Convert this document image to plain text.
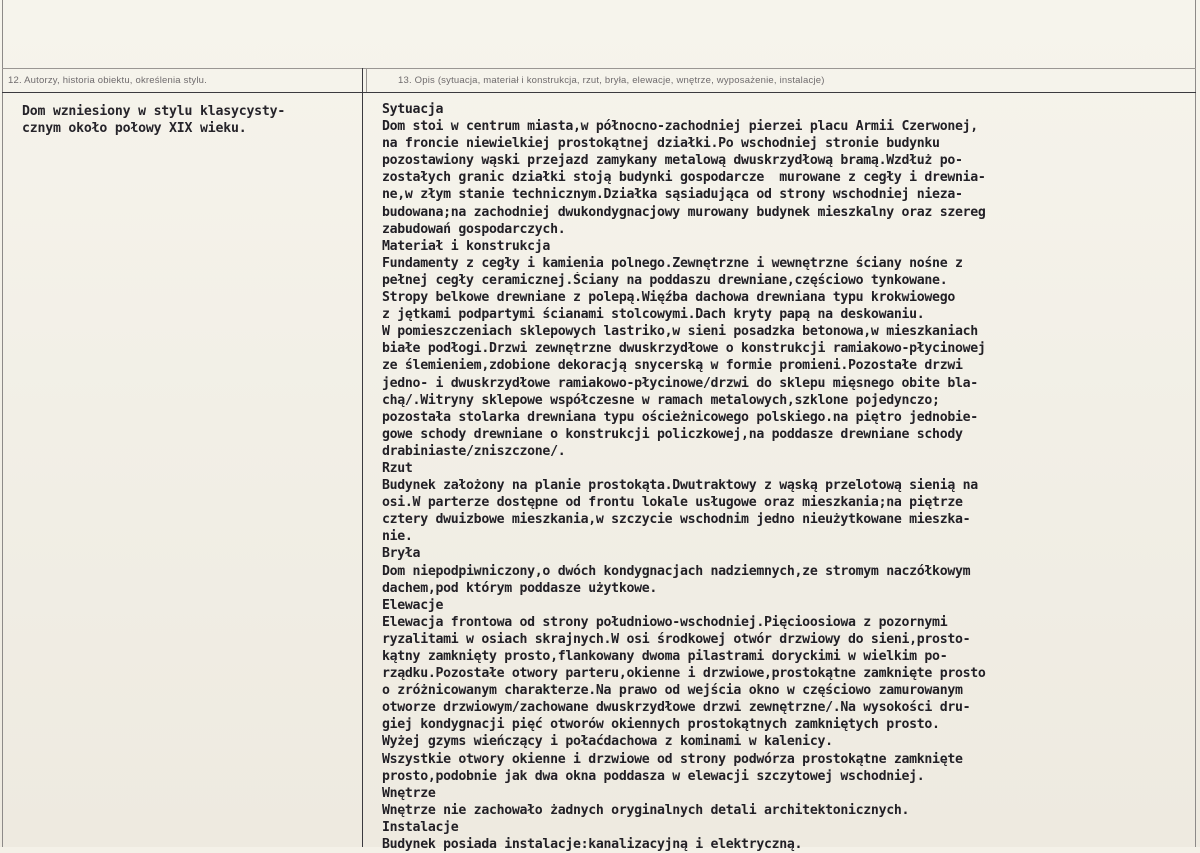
12. Autorzy, historia obiektu, określenia stylu.	13. Opis (sytuacja, materiał i konstrukcja, rzut, bryła, elewacje, wnętrze, wyposażenie, instalacje)
Dom wzniesiony w stylu klasycysty-
cznym około połowy XIX wieku.
Sytuacja
Dom stoi w centrum miasta,w północno-zachodniej pierzei placu Armii Czerwonej,
na froncie niewielkiej prostokątnej działki.Po wschodniej stronie budynku
pozostawiony wąski przejazd zamykany metalową dwuskrzydłową bramą.Wzdłuż po-
zostałych granic działki stoją budynki gospodarcze  murowane z cegły i drewnia-
ne,w złym stanie technicznym.Działka sąsiadująca od strony wschodniej nieza-
budowana;na zachodniej dwukondygnacjowy murowany budynek mieszkalny oraz szereg
zabudowań gospodarczych.
Materiał i konstrukcja
Fundamenty z cegły i kamienia polnego.Zewnętrzne i wewnętrzne ściany nośne z
pełnej cegły ceramicznej.Ściany na poddaszu drewniane,częściowo tynkowane.
Stropy belkowe drewniane z polepą.Więźba dachowa drewniana typu krokwiowego
z jętkami podpartymi ścianami stolcowymi.Dach kryty papą na deskowaniu.
W pomieszczeniach sklepowych lastriko,w sieni posadzka betonowa,w mieszkaniach
białe podłogi.Drzwi zewnętrzne dwuskrzydłowe o konstrukcji ramiakowo-płycinowej
ze ślemieniem,zdobione dekoracją snycerską w formie promieni.Pozostałe drzwi
jedno- i dwuskrzydłowe ramiakowo-płycinowe/drzwi do sklepu mięsnego obite bla-
chą/.Witryny sklepowe współczesne w ramach metalowych,szklone pojedynczo;
pozostała stolarka drewniana typu ościeżnicowego polskiego.na piętro jednobie-
gowe schody drewniane o konstrukcji policzkowej,na poddasze drewniane schody
drabiniaste/zniszczone/.
Rzut
Budynek założony na planie prostokąta.Dwutraktowy z wąską przelotową sienią na
osi.W parterze dostępne od frontu lokale usługowe oraz mieszkania;na piętrze
cztery dwuizbowe mieszkania,w szczycie wschodnim jedno nieużytkowane mieszka-
nie.
Bryła
Dom niepodpiwniczony,o dwóch kondygnacjach nadziemnych,ze stromym naczółkowym
dachem,pod którym poddasze użytkowe.
Elewacje
Elewacja frontowa od strony południowo-wschodniej.Pięcioosiowa z pozornymi
ryzalitami w osiach skrajnych.W osi środkowej otwór drzwiowy do sieni,prosto-
kątny zamknięty prosto,flankowany dwoma pilastrami doryckimi w wielkim po-
rządku.Pozostałe otwory parteru,okienne i drzwiowe,prostokątne zamknięte prosto
o zróżnicowanym charakterze.Na prawo od wejścia okno w częściowo zamurowanym
otworze drzwiowym/zachowane dwuskrzydłowe drzwi zewnętrzne/.Na wysokości dru-
giej kondygnacji pięć otworów okiennych prostokątnych zamkniętych prosto.
Wyżej gzyms wieńczący i połaćdachowa z kominami w kalenicy.
Wszystkie otwory okienne i drzwiowe od strony podwórza prostokątne zamknięte
prosto,podobnie jak dwa okna poddasza w elewacji szczytowej wschodniej.
Wnętrze
Wnętrze nie zachowało żadnych oryginalnych detali architektonicznych.
Instalacje
Budynek posiada instalacje:kanalizacyjną i elektryczną.
